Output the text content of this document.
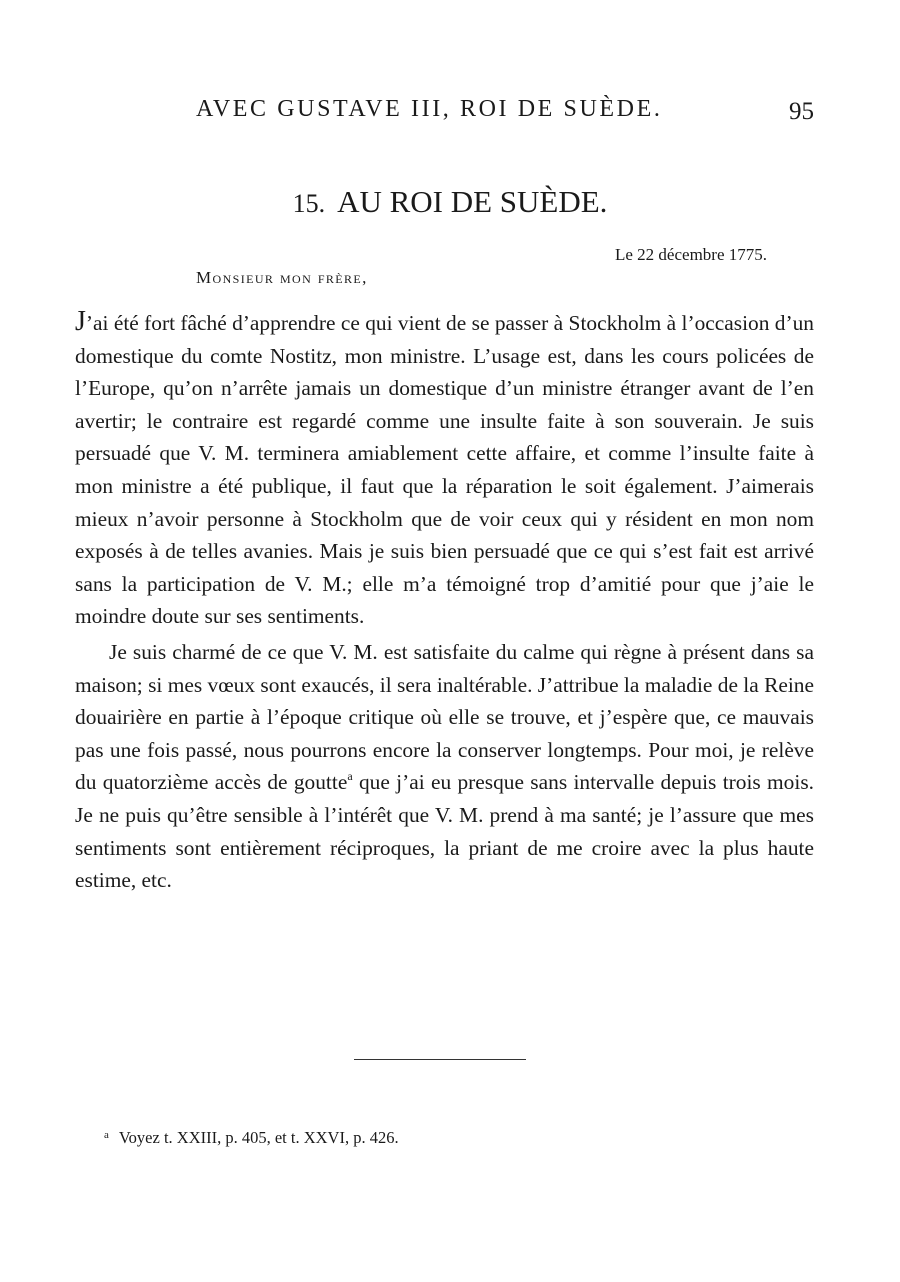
AVEC GUSTAVE III, ROI DE SUÈDE.	95
15. AU ROI DE SUÈDE.
Le 22 décembre 1775.
Monsieur mon frère,

J’ai été fort fâché d’apprendre ce qui vient de se passer à Stockholm à l’occasion d’un domestique du comte Nostitz, mon ministre. L’usage est, dans les cours policées de l’Europe, qu’on n’arrête jamais un domestique d’un ministre étranger avant de l’en avertir; le contraire est regardé comme une insulte faite à son souverain. Je suis persuadé que V. M. terminera amiablement cette affaire, et comme l’insulte faite à mon ministre a été publique, il faut que la réparation le soit également. J’aimerais mieux n’avoir personne à Stockholm que de voir ceux qui y résident en mon nom exposés à de telles avanies. Mais je suis bien persuadé que ce qui s’est fait est arrivé sans la participation de V. M.; elle m’a témoigné trop d’amitié pour que j’aie le moindre doute sur ses sentiments.

Je suis charmé de ce que V. M. est satisfaite du calme qui règne à présent dans sa maison; si mes vœux sont exaucés, il sera inaltérable. J’attribue la maladie de la Reine douairière en partie à l’époque critique où elle se trouve, et j’espère que, ce mauvais pas une fois passé, nous pourrons encore la conserver longtemps. Pour moi, je relève du quatorzième accès de goutte$^a$ que j’ai eu presque sans intervalle depuis trois mois. Je ne puis qu’être sensible à l’intérêt que V. M. prend à ma santé; je l’assure que mes sentiments sont entièrement réciproques, la priant de me croire avec la plus haute estime, etc.

$^a$ Voyez t. XXIII, p. 405, et t. XXVI, p. 426.
